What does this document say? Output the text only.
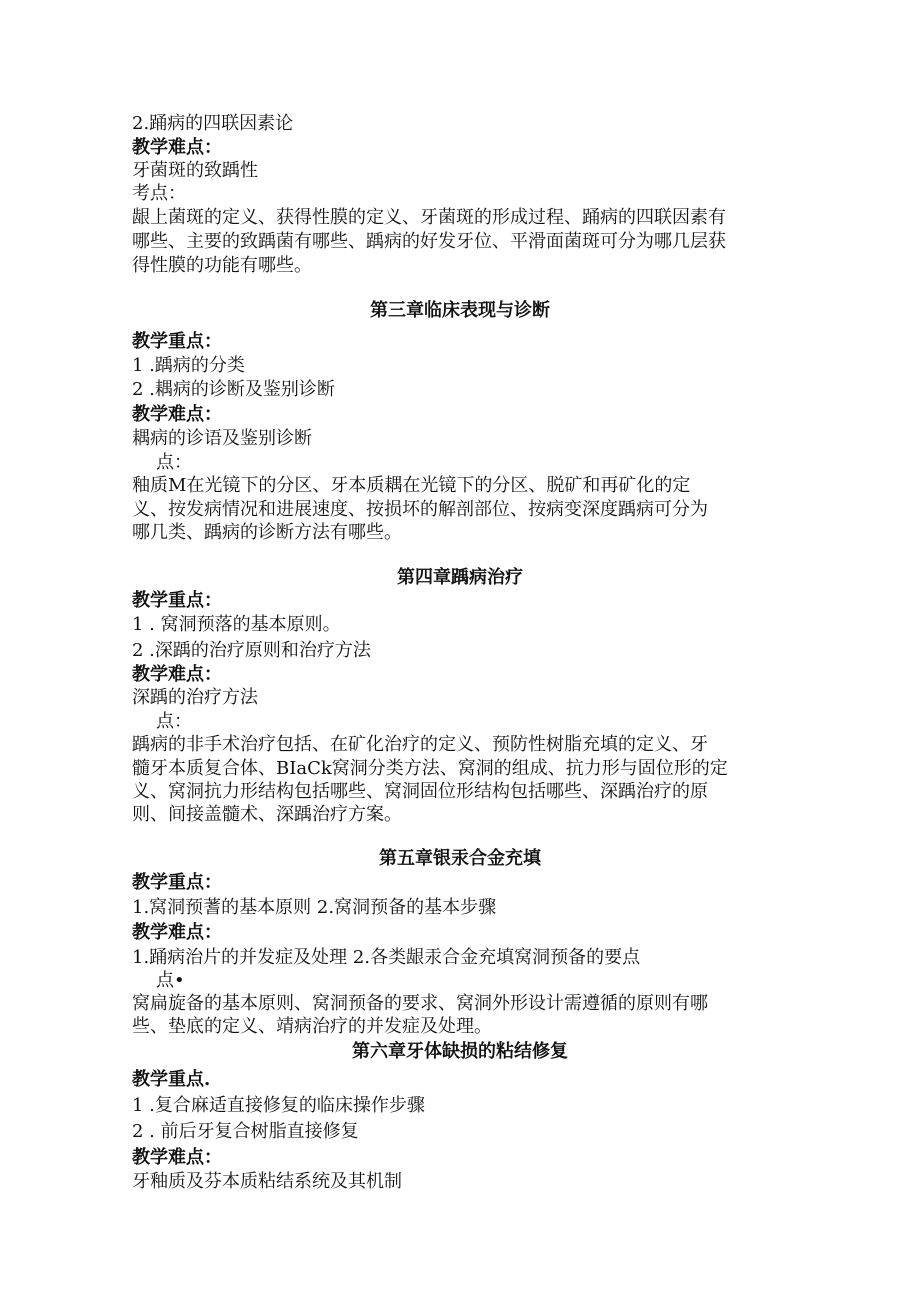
2.踊病的四联因素论
教学难点：
牙菌斑的致踽性
考点：
龈上菌斑的定义、获得性膜的定义、牙菌斑的形成过程、踊病的四联因素有
哪些、主要的致踽菌有哪些、踽病的好发牙位、平滑面菌斑可分为哪几层获
得性膜的功能有哪些。
第三章临床表现与诊断
教学重点：
1 .踽病的分类
2 .耦病的诊断及鉴别诊断
教学难点：
耦病的诊语及鉴别诊断
点：
釉质M在光镜下的分区、牙本质耦在光镜下的分区、脱矿和再矿化的定
义、按发病情况和进展速度、按损坏的解剖部位、按病变深度踽病可分为
哪几类、踽病的诊断方法有哪些。
第四章踽病治疗
教学重点：
1 . 窝洞预落的基本原则。
2 .深踽的治疗原则和治疗方法
教学难点：
深踽的治疗方法
点：
踽病的非手术治疗包括、在矿化治疗的定义、预防性树脂充填的定义、牙
髓牙本质复合体、BIaCk窝洞分类方法、窝洞的组成、抗力形与固位形的定
义、窝洞抗力形结构包括哪些、窝洞固位形结构包括哪些、深踽治疗的原
则、间接盖髓术、深踽治疗方案。
第五章银汞合金充填
教学重点：
1.窝洞预蓍的基本原则 2.窝洞预备的基本步骤
教学难点：
1.踊病治片的并发症及处理 2.各类龈汞合金充填窝洞预备的要点
点•
窝扁旋备的基本原则、窝洞预备的要求、窝洞外形设计需遵循的原则有哪
些、垫底的定义、靖病治疗的并发症及处理。
第六章牙体缺损的粘结修复
教学重点.
1 .复合麻适直接修复的临床操作步骤
2 . 前后牙复合树脂直接修复
教学难点：
牙釉质及芬本质粘结系统及其机制
